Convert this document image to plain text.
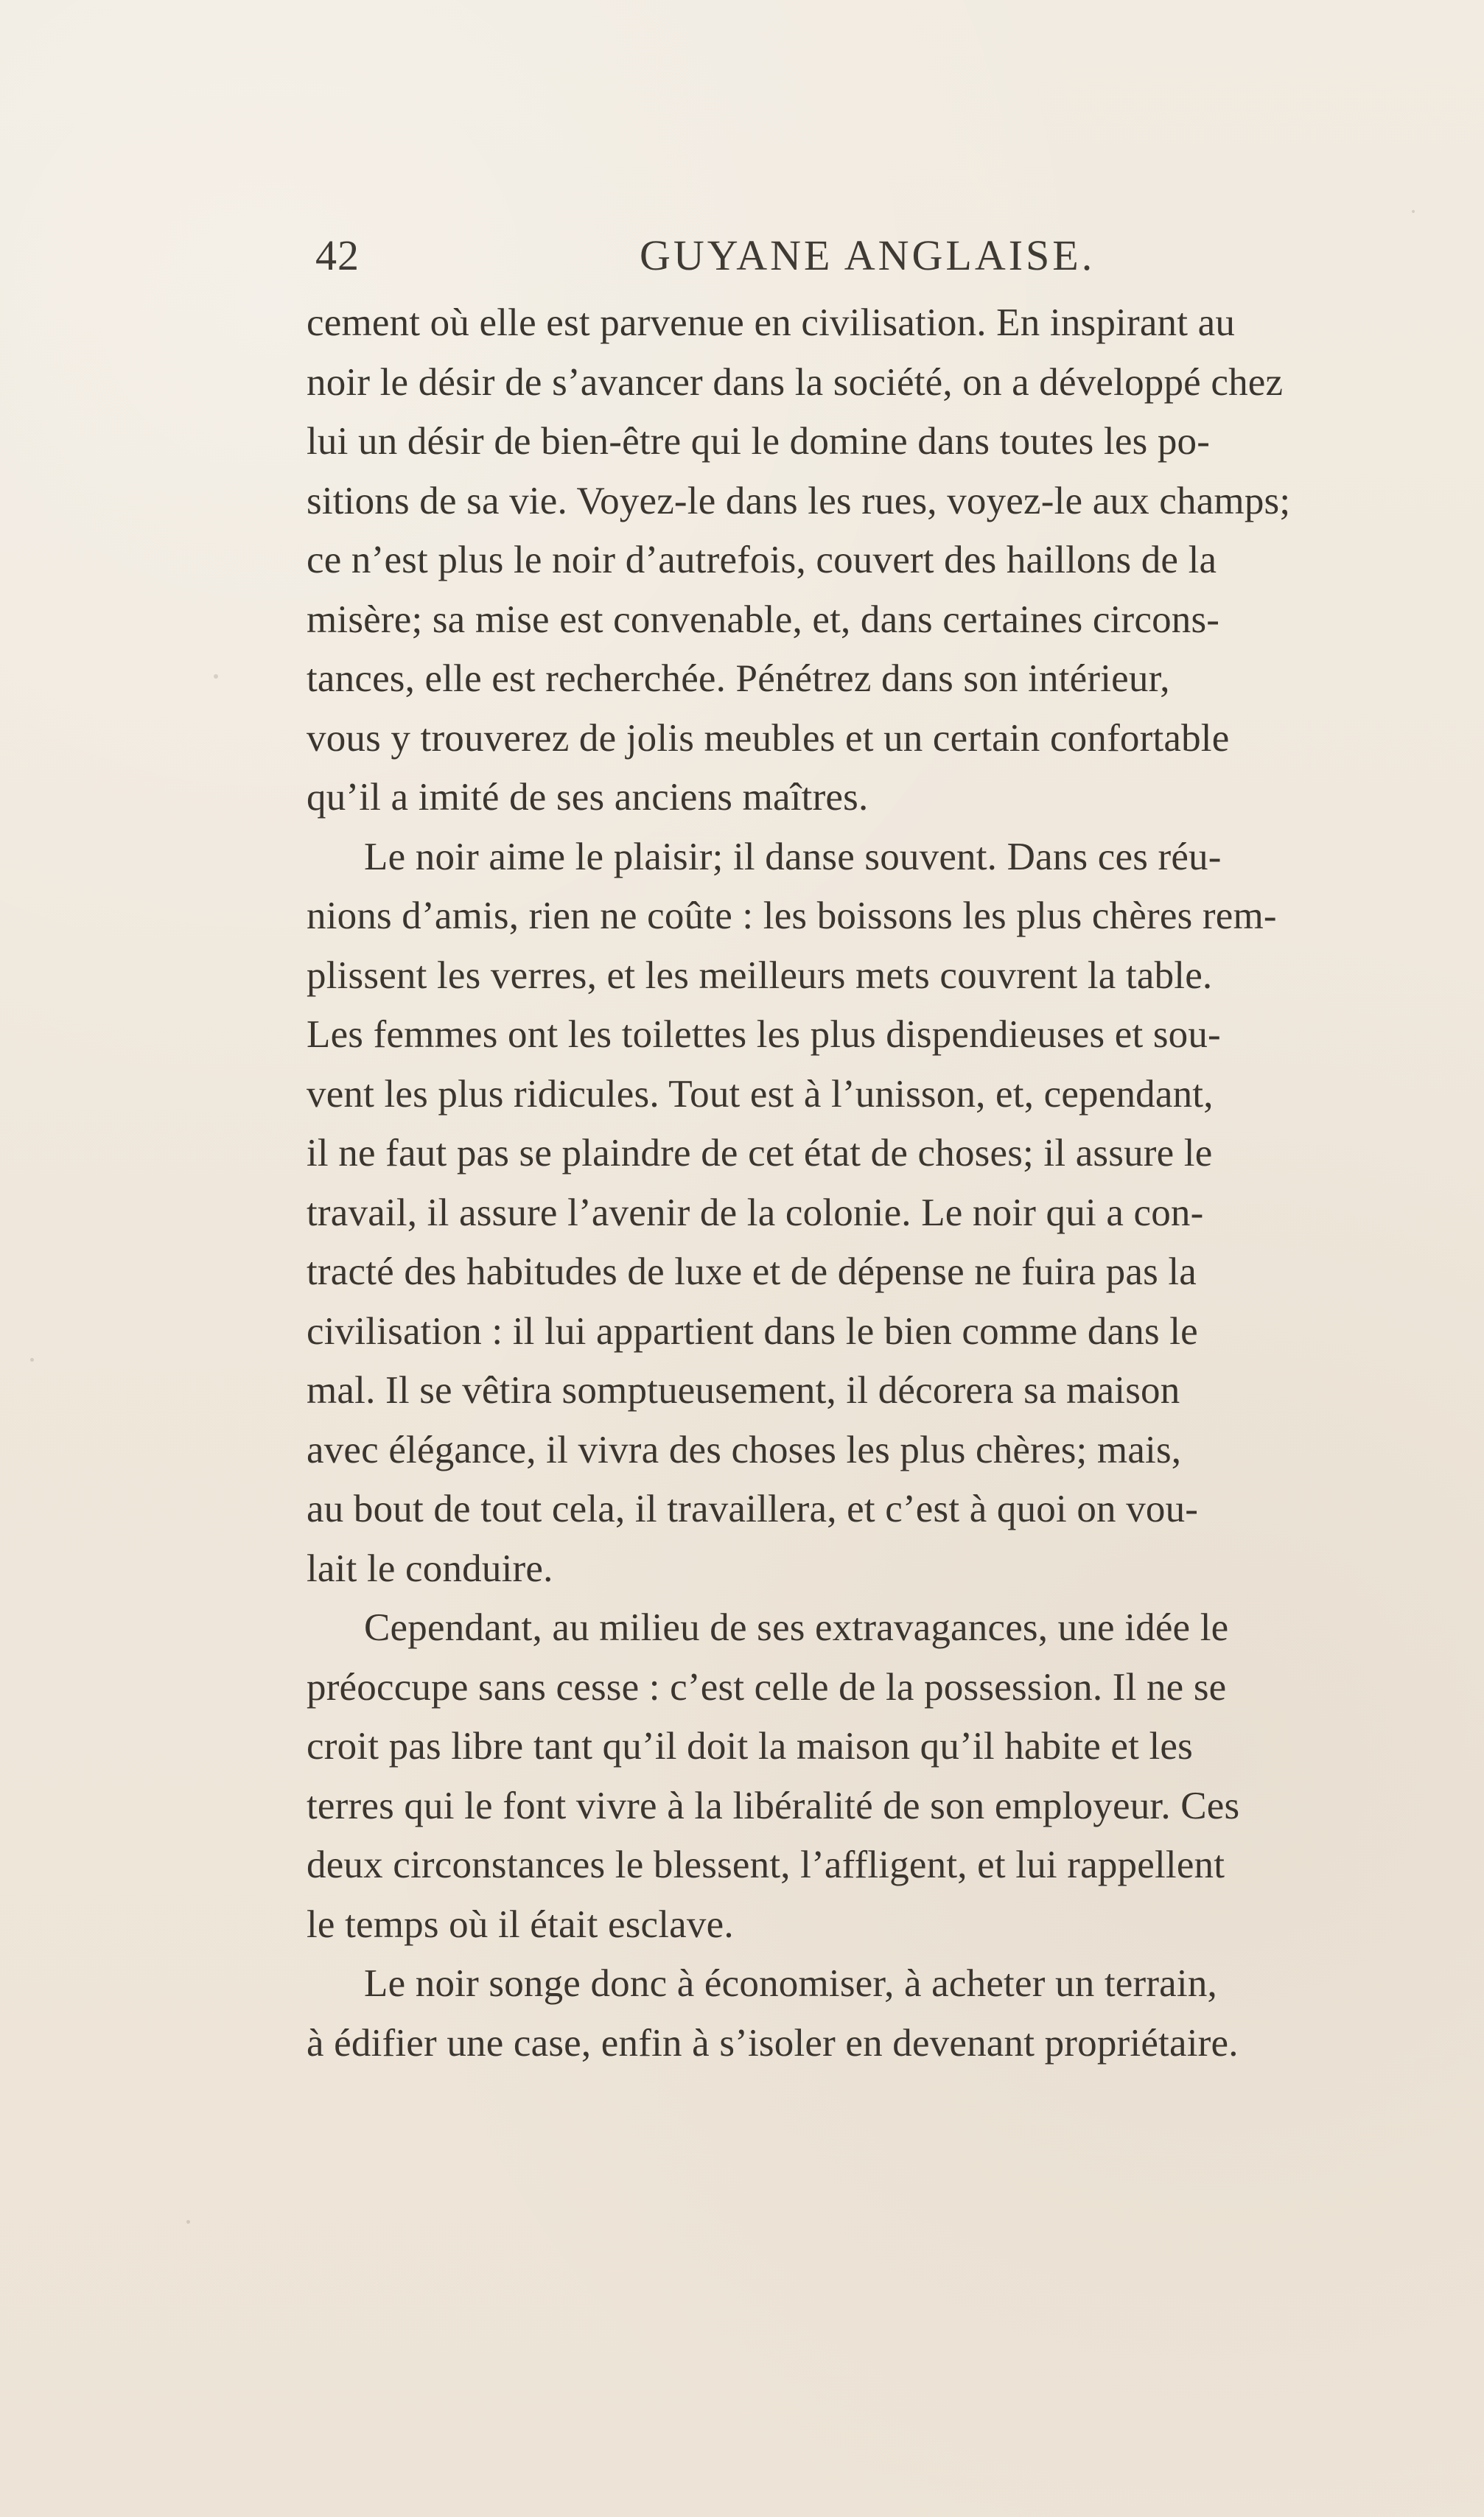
42	GUYANE ANGLAISE.
cement où elle est parvenue en civilisation. En inspirant au
noir le désir de s’avancer dans la société, on a développé chez
lui un désir de bien-être qui le domine dans toutes les po-
sitions de sa vie. Voyez-le dans les rues, voyez-le aux champs;
ce n’est plus le noir d’autrefois, couvert des haillons de la
misère; sa mise est convenable, et, dans certaines circons-
tances, elle est recherchée. Pénétrez dans son intérieur,
vous y trouverez de jolis meubles et un certain confortable
qu’il a imité de ses anciens maîtres.
Le noir aime le plaisir; il danse souvent. Dans ces réu-
nions d’amis, rien ne coûte : les boissons les plus chères rem-
plissent les verres, et les meilleurs mets couvrent la table.
Les femmes ont les toilettes les plus dispendieuses et sou-
vent les plus ridicules. Tout est à l’unisson, et, cependant,
il ne faut pas se plaindre de cet état de choses; il assure le
travail, il assure l’avenir de la colonie. Le noir qui a con-
tracté des habitudes de luxe et de dépense ne fuira pas la
civilisation : il lui appartient dans le bien comme dans le
mal. Il se vêtira somptueusement, il décorera sa maison
avec élégance, il vivra des choses les plus chères; mais,
au bout de tout cela, il travaillera, et c’est à quoi on vou-
lait le conduire.
Cependant, au milieu de ses extravagances, une idée le
préoccupe sans cesse : c’est celle de la possession. Il ne se
croit pas libre tant qu’il doit la maison qu’il habite et les
terres qui le font vivre à la libéralité de son employeur. Ces
deux circonstances le blessent, l’affligent, et lui rappellent
le temps où il était esclave.
Le noir songe donc à économiser, à acheter un terrain,
à édifier une case, enfin à s’isoler en devenant propriétaire.
